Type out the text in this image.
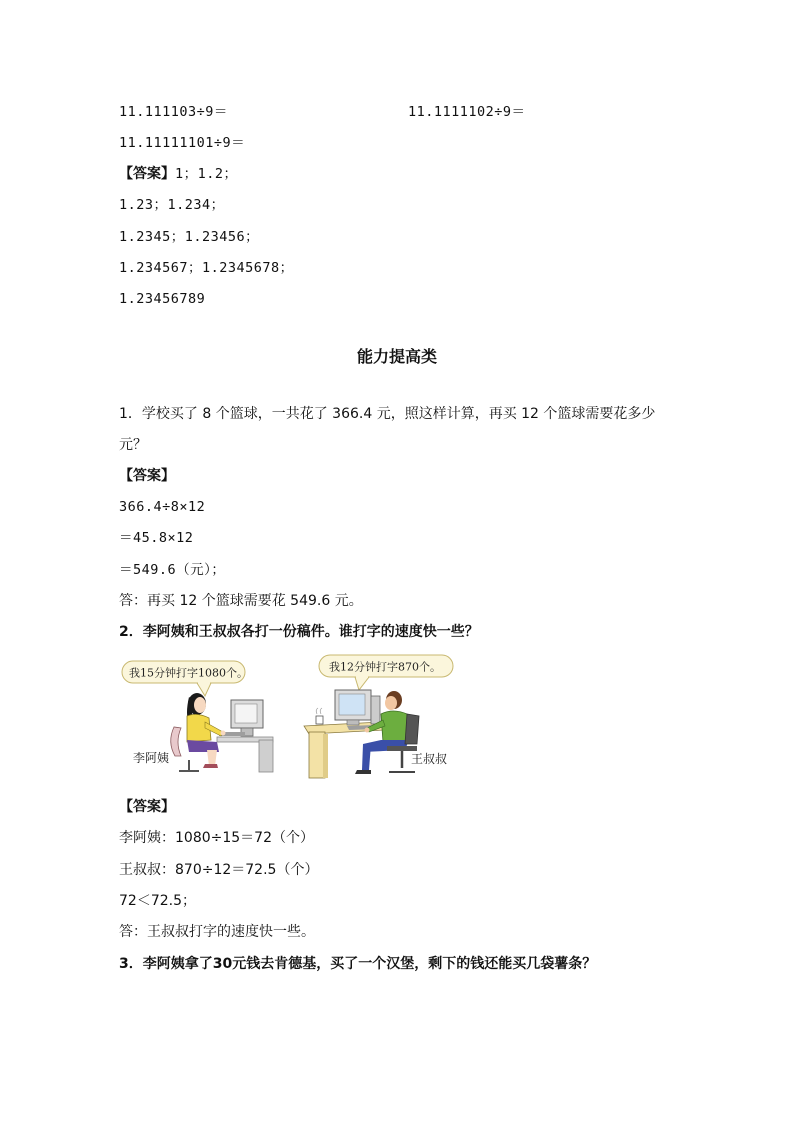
11.111103÷9＝	11.1111102÷9＝
11.11111101÷9＝
【答案】1；1.2；
1.23；1.234；
1.2345；1.23456；
1.234567；1.2345678；
1.23456789
能力提高类
1．学校买了 8 个篮球，一共花了 366.4 元，照这样计算，再买 12 个篮球需要花多少元？
【答案】
366.4÷8×12
＝45.8×12
＝549.6（元）；
答：再买 12 个篮球需要花 549.6 元。
2．李阿姨和王叔叔各打一份稿件。谁打字的速度快一些？
我15分钟打字1080个。
李阿姨
我12分钟打字870个。
王叔叔
【答案】
李阿姨：1080÷15＝72（个）
王叔叔：870÷12＝72.5（个）
72＜72.5；
答：王叔叔打字的速度快一些。
3．李阿姨拿了30元钱去肯德基，买了一个汉堡，剩下的钱还能买几袋薯条？
